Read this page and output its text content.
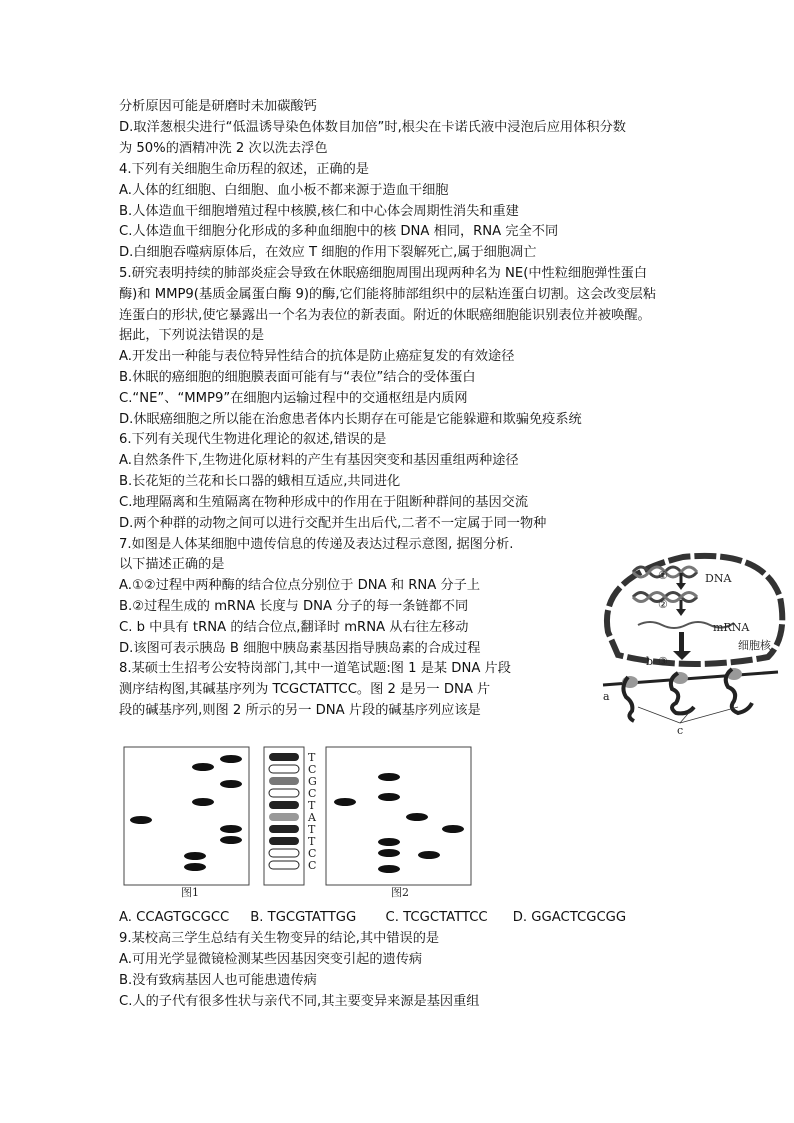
分析原因可能是研磨时未加碳酸钙
D.取洋葱根尖进行“低温诱导染色体数目加倍”时,根尖在卡诺氏液中浸泡后应用体积分数
为 50%的酒精冲洗 2 次以洗去浮色
4.下列有关细胞生命历程的叙述，正确的是
A.人体的红细胞、白细胞、血小板不都来源于造血干细胞
B.人体造血干细胞增殖过程中核膜,核仁和中心体会周期性消失和重建
C.人体造血干细胞分化形成的多种血细胞中的核 DNA 相同，RNA 完全不同
D.白细胞吞噬病原体后，在效应 T 细胞的作用下裂解死亡,属于细胞凋亡
5.研究表明持续的肺部炎症会导致在休眠癌细胞周围出现两种名为 NE(中性粒细胞弹性蛋白
酶)和 MMP9(基质金属蛋白酶 9)的酶,它们能将肺部组织中的层粘连蛋白切割。这会改变层粘
连蛋白的形状,使它暴露出一个名为表位的新表面。附近的休眠癌细胞能识别表位并被唤醒。
据此，下列说法错误的是
A.开发出一种能与表位特异性结合的抗体是防止癌症复发的有效途径
B.休眠的癌细胞的细胞膜表面可能有与“表位”结合的受体蛋白
C.“NE”、“MMP9”在细胞内运输过程中的交通枢纽是内质网
D.休眠癌细胞之所以能在治愈患者体内长期存在可能是它能躲避和欺骗免疫系统
6.下列有关现代生物进化理论的叙述,错误的是
A.自然条件下,生物进化原材料的产生有基因突变和基因重组两种途径
B.长花矩的兰花和长口器的蛾相互适应,共同进化
C.地理隔离和生殖隔离在物种形成中的作用在于阻断种群间的基因交流
D.两个种群的动物之间可以进行交配并生出后代,二者不一定属于同一物种
7.如图是人体某细胞中遗传信息的传递及表达过程示意图, 据图分析.
以下描述正确的是
A.①②过程中两种酶的结合位点分别位于 DNA 和 RNA 分子上
B.②过程生成的 mRNA 长度与 DNA 分子的每一条链都不同
C. b 中具有 tRNA 的结合位点,翻译时 mRNA 从右往左移动
D.该图可表示胰岛 B 细胞中胰岛素基因指导胰岛素的合成过程
8.某硕士生招考公安特岗部门,其中一道笔试题:图 1 是某 DNA 片段
测序结构图,其碱基序列为 TCGCTATTCC。图 2 是另一 DNA 片
段的碱基序列,则图 2 所示的另一 DNA 片段的碱基序列应该是
A. CCAGTGCGCC     B. TGCGTATTGG       C. TCGCTATTCC      D. GGACTCGCGG
9.某校高三学生总结有关生物变异的结论,其中错误的是
A.可用光学显微镜检测某些因基因突变引起的遗传病
B.没有致病基因人也可能患遗传病
C.人的子代有很多性状与亲代不同,其主要变异来源是基因重组
①	DNA
②
mRNA
细胞核
b ③
a
c
图1
T
C
G
C
T
A
T
T
C
C
图2
